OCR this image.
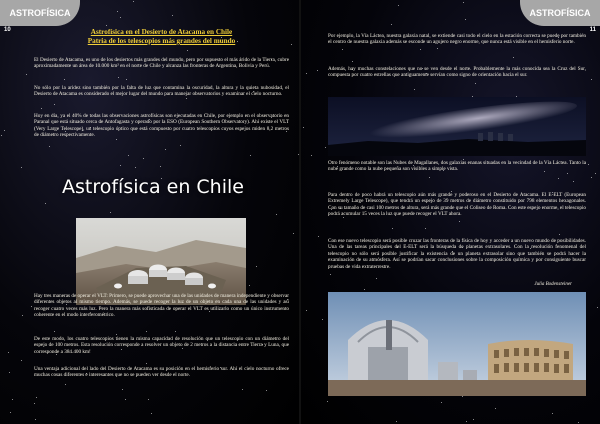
ASTROFÍSICA
10	Astrofísica en el Desierto de Atacama en Chile
Patria de los telescopios más grandes del mundo
El Desierto de Atacama, es uno de los desiertos más grandes del mundo, pero por supuesto el más árido de la Tierra, cubre aproximadamente un área de 10.000 km² en el norte de Chile y alcanza las fronteras de Argentina, Bolivia y Perú.
No sólo por la aridez sino también por la falta de luz que contamina la oscuridad, la altura y la quieta nubosidad, el Desierto de Atacama es considerado el mejor lugar del mundo para manejar observatorios y examinar el cielo nocturno.
Hoy en día, ya el 40% de todas las observaciones astrofísicas son ejecutadas en Chile, por ejemplo en el observatorio en Paranal que está situado cerca de Antofagasta y operado por la ESO (European Southern Observatory). Ahí existe el VLT (Very Large Telescope), un telescopio óptico que está compuesto por cuatro telescopios cuyos espejos miden 8,2 metros de diámetro respectivamente.
Astrofísica en Chile
Hay tres maneras de operar el VLT: Primero, se puede aprovechar una de las unidades de manera independiente y observar diferentes objetos al mismo tiempo. Además, se puede recoger la luz de un objeto en cada una de las unidades y así recoger cuatro veces más luz. Pero la manera más sofisticada de operar el VLT es utilizarlo como un único instrumento coherente en el modo interferométrico.
De este modo, los cuatro telescopios tienen la misma capacidad de resolución que un telescopio con un diámetro del espejo de 100 metros. Esta resolución corresponde a resolver un objeto de 2 metros a la distancia entre Tierra y Luna, que corresponde a 384.400 km!
Una ventaja adicional del lado del Desierto de Atacama es su posición en el hemisferio sur. Ahí el cielo nocturno ofrece muchas cosas diferentes e interesantes que no se pueden ver desde el norte.
ASTROFÍSICA
11
Por ejemplo, la Vía Láctea, nuestra galaxia natal, se extiende casi todo el cielo en la estación correcta se puede por también el centro de nuestra galaxia además se esconde un agujero negro enorme, que nunca está visible en el hemisferio norte.
Además, hay muchas constelaciones que no se ven desde el norte. Probablemente la más conocida sea la Cruz del Sur, compuesta por cuatro estrellas que antiguamente servían como signo de orientación hacia el sur.
Otro fenómeno notable son las Nubes de Magallanes, dos galaxias enanas situadas en la vecindad de la Vía Láctea. Tanto la nube grande como la nube pequeña son visibles a simple vista.
Para dentro de poco habrá un telescopio aún más grande y poderoso en el Desierto de Atacama. El E-ELT (European Extremely Large Telescope), que tendrá un espejo de 39 metros de diámetro constituido por 798 elementos hexagonales. Con su tamaño de casi 100 metros de altura, será más grande que el Coliseo de Roma. Con este espejo enorme, el telescopio podrá acumular 15 veces la luz que puede recoger el VLT ahora.
Con ese nuevo telescopio será posible cruzar las fronteras de la física de hoy y acceder a un nuevo mundo de posibilidades. Una de las tareas principales del E-ELT será la búsqueda de planetas extrasolares. Con la resolución fenomenal del telescopio no sólo será posible justificar la existencia de un planeta extrasolar sino que también se podrá hacer la examinación de su atmósfera. Así se podrían sacar conclusiones sobre la composición química y por consiguiente buscar pruebas de vida extraterrestre.
Julia Bodensteiner
